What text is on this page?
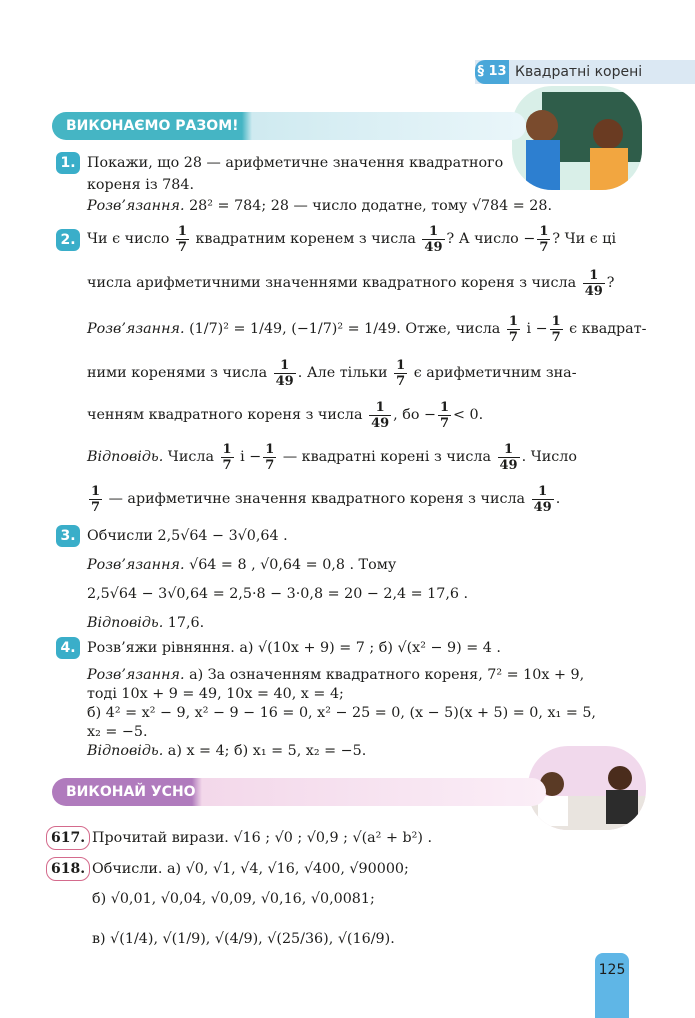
§ 13 Квадратні корені
ВИКОНАЄМО РАЗОМ!
1. Покажи, що 28 — арифметичне значення квадратного
кореня із 784.
Розв’язання. 28² = 784; 28 — число додатне, тому √784 = 28.
2. Чи є число $\frac{1}{7}$ квадратним коренем з числа $\frac{1}{49}$ ? А число − $\frac{1}{7}$ ? Чи є ці
числа арифметичними значеннями квадратного кореня з числа $\frac{1}{49}$ ?
Розв’язання. (1/7)² = 1/49, (−1/7)² = 1/49. Отже, числа $\frac{1}{7}$ $і - \frac{1}{7}$ є квадрат-
ними коренями з числа $\frac{1}{49}$ . Але тільки $\frac{1}{7}$ є арифметичним зна-
ченням квадратного кореня з числа $\frac{1}{49}$ , бо − $\frac{1}{7} < 0$.
Відповідь. Числа $\frac{1}{7}$ $і - \frac{1}{7}$ — квадратні корені з числа $\frac{1}{49}$ . Число
$\frac{1}{7}$ — арифметичне значення квадратного кореня з числа $\frac{1}{49}$ .
3. Обчисли 2,5√64 − 3√0,64 .
Розв’язання. √64 = 8 , √0,64 = 0,8 . Тому
2,5√64 − 3√0,64 = 2,5·8 − 3·0,8 = 20 − 2,4 = 17,6 .
Відповідь. 17,6.
4. Розв’яжи рівняння. а) √(10x + 9) = 7 ; б) √(x² − 9) = 4 .
Розв’язання. а) За означенням квадратного кореня, 7² = 10x + 9,
тоді 10x + 9 = 49, 10x = 40, x = 4;
б) 4² = x² − 9, x² − 9 − 16 = 0, x² − 25 = 0, (x − 5)(x + 5) = 0, x₁ = 5,
x₂ = −5.
Відповідь. а) x = 4; б) x₁ = 5, x₂ = −5.
ВИКОНАЙ УСНО
617. Прочитай вирази. √16 ; √0 ; √0,9 ; √(a² + b²) .
618. Обчисли. а) √0, √1, √4, √16, √400, √90000;
б) √0,01, √0,04, √0,09, √0,16, √0,0081;
в) √(1/4), √(1/9), √(4/9), √(25/36), √(16/9).
125
